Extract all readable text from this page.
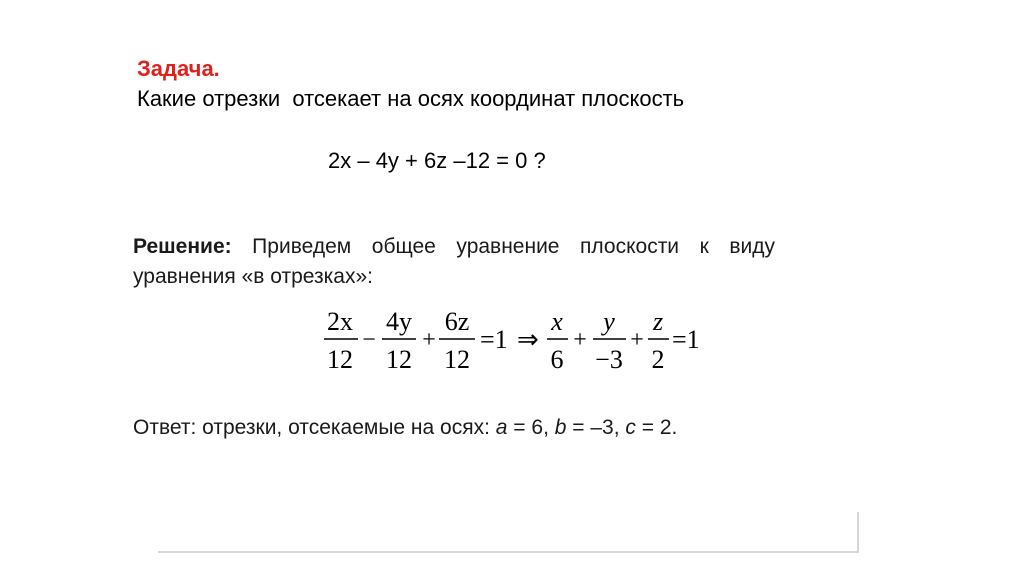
Задача.
Какие отрезки  отсекает на осях координат плоскость
2x – 4y + 6z –12 = 0 ?
Решение: Приведем общее уравнение плоскости к виду уравнения «в отрезках»:
2x
12
−
4y
12
+
6z
12
=1 ⇒
x
6
+
y
−3
+
z
2
=1
Ответ: отрезки, отсекаемые на осях: a = 6, b = –3, c = 2.
